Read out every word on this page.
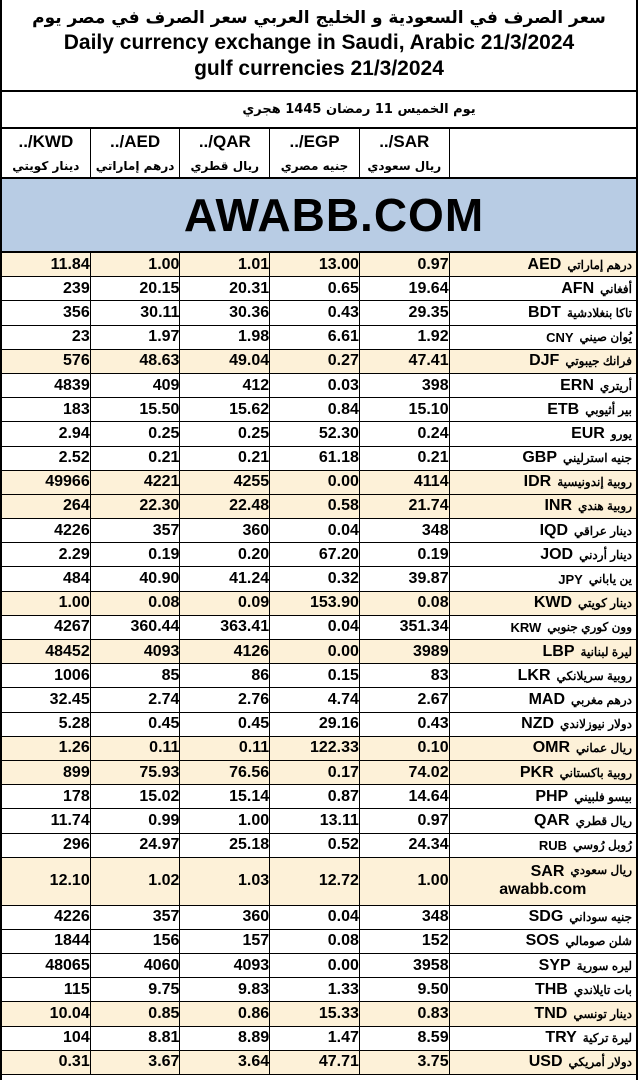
سعر الصرف في السعودية و الخليج العربي سعر الصرف في مصر يوم
Daily currency exchange in Saudi, Arabic 21/3/2024
gulf currencies 21/3/2024
يوم الخميس 11 رمضان 1445 هجري
SAR/..
EGP/..
QAR/..
AED/..
KWD/..
ريال سعودي
جنيه مصري
ريال قطري
درهم إماراتي
دينار كويتي
AWABB.COM
درهم إماراتي
AED
0.97
13.00
1.01
1.00
11.84
أفغاني
AFN
19.64
0.65
20.31
20.15
239
تاكا بنغلادشية
BDT
29.35
0.43
30.36
30.11
356
يُوان صيني
CNY
1.92
6.61
1.98
1.97
23
فرانك جيبوتي
DJF
47.41
0.27
49.04
48.63
576
أريتري
ERN
398
0.03
412
409
4839
بير أثيوبي
ETB
15.10
0.84
15.62
15.50
183
يورو
EUR
0.24
52.30
0.25
0.25
2.94
جنيه استرليني
GBP
0.21
61.18
0.21
0.21
2.52
روبية إندونيسية
IDR
4114
0.00
4255
4221
49966
روبية هندي
INR
21.74
0.58
22.48
22.30
264
دينار عراقي
IQD
348
0.04
360
357
4226
دينار أردني
JOD
0.19
67.20
0.20
0.19
2.29
ين ياباني
JPY
39.87
0.32
41.24
40.90
484
دينار كويتي
KWD
0.08
153.90
0.09
0.08
1.00
وون كوري جنوبي
KRW
351.34
0.04
363.41
360.44
4267
ليرة لبنانية
LBP
3989
0.00
4126
4093
48452
روبية سريلانكي
LKR
83
0.15
86
85
1006
درهم مغربي
MAD
2.67
4.74
2.76
2.74
32.45
دولار نيوزلاندي
NZD
0.43
29.16
0.45
0.45
5.28
ريال عماني
OMR
0.10
122.33
0.11
0.11
1.26
روبية باكستاني
PKR
74.02
0.17
76.56
75.93
899
بيسو فلبيني
PHP
14.64
0.87
15.14
15.02
178
ريال قطري
QAR
0.97
13.11
1.00
0.99
11.74
رُوبل رُوسي
RUB
24.34
0.52
25.18
24.97
296
ريال سعودي
SAR
awabb.com
1.00
12.72
1.03
1.02
12.10
جنيه سوداني
SDG
348
0.04
360
357
4226
شلن صومالي
SOS
152
0.08
157
156
1844
ليره سورية
SYP
3958
0.00
4093
4060
48065
بات تايلاندي
THB
9.50
1.33
9.83
9.75
115
دينار تونسي
TND
0.83
15.33
0.86
0.85
10.04
ليرة تركية
TRY
8.59
1.47
8.89
8.81
104
دولار أمريكي
USD
3.75
47.71
3.64
3.67
0.31
